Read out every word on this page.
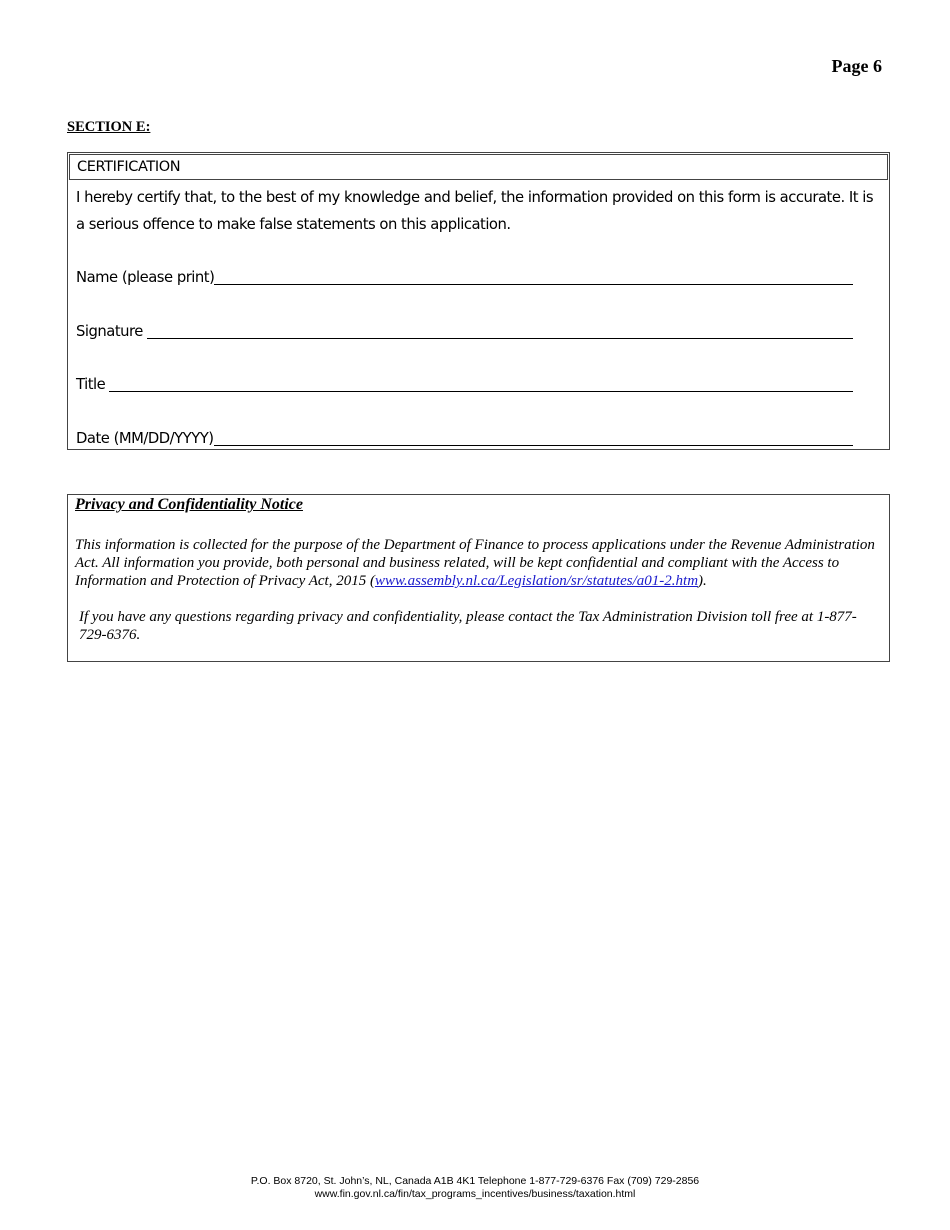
Page 6
SECTION E:
CERTIFICATION
I hereby certify that, to the best of my knowledge and belief, the information provided on this form is accurate. It is a serious offence to make false statements on this application.
Name (please print)
Signature
Title
Date (MM/DD/YYYY)
Privacy and Confidentiality Notice
This information is collected for the purpose of the Department of Finance to process applications under the Revenue Administration Act. All information you provide, both personal and business related, will be kept confidential and compliant with the Access to Information and Protection of Privacy Act, 2015 (www.assembly.nl.ca/Legislation/sr/statutes/a01-2.htm).
If you have any questions regarding privacy and confidentiality, please contact the Tax Administration Division toll free at 1-877-729-6376.
P.O. Box 8720, St. John’s, NL, Canada A1B 4K1 Telephone 1-877-729-6376 Fax (709) 729-2856
www.fin.gov.nl.ca/fin/tax_programs_incentives/business/taxation.html
